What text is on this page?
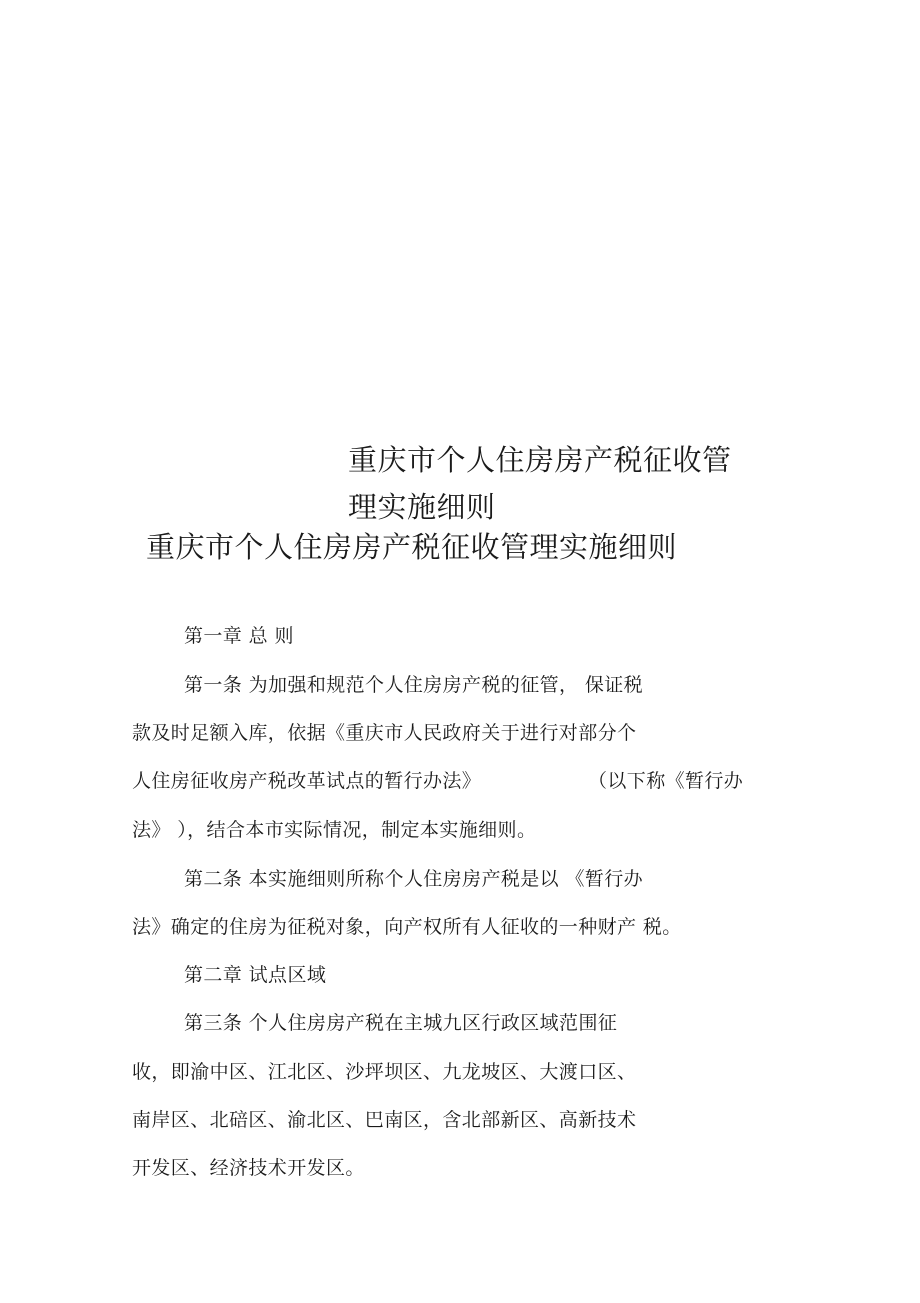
重庆市个人住房房产税征收管
理实施细则
重庆市个人住房房产税征收管理实施细则
第一章 总 则
第一条 为加强和规范个人住房房产税的征管， 保证税
款及时足额入库，依据《重庆市人民政府关于进行对部分个
人住房征收房产税改革试点的暂行办法》	（以下称《暂行办
法》 ），结合本市实际情况，制定本实施细则。
第二条 本实施细则所称个人住房房产税是以 《暂行办
法》确定的住房为征税对象，向产权所有人征收的一种财产 税。
第二章 试点区域
第三条 个人住房房产税在主城九区行政区域范围征
收，即渝中区、江北区、沙坪坝区、九龙坡区、大渡口区、
南岸区、北碚区、渝北区、巴南区，含北部新区、高新技术
开发区、经济技术开发区。
